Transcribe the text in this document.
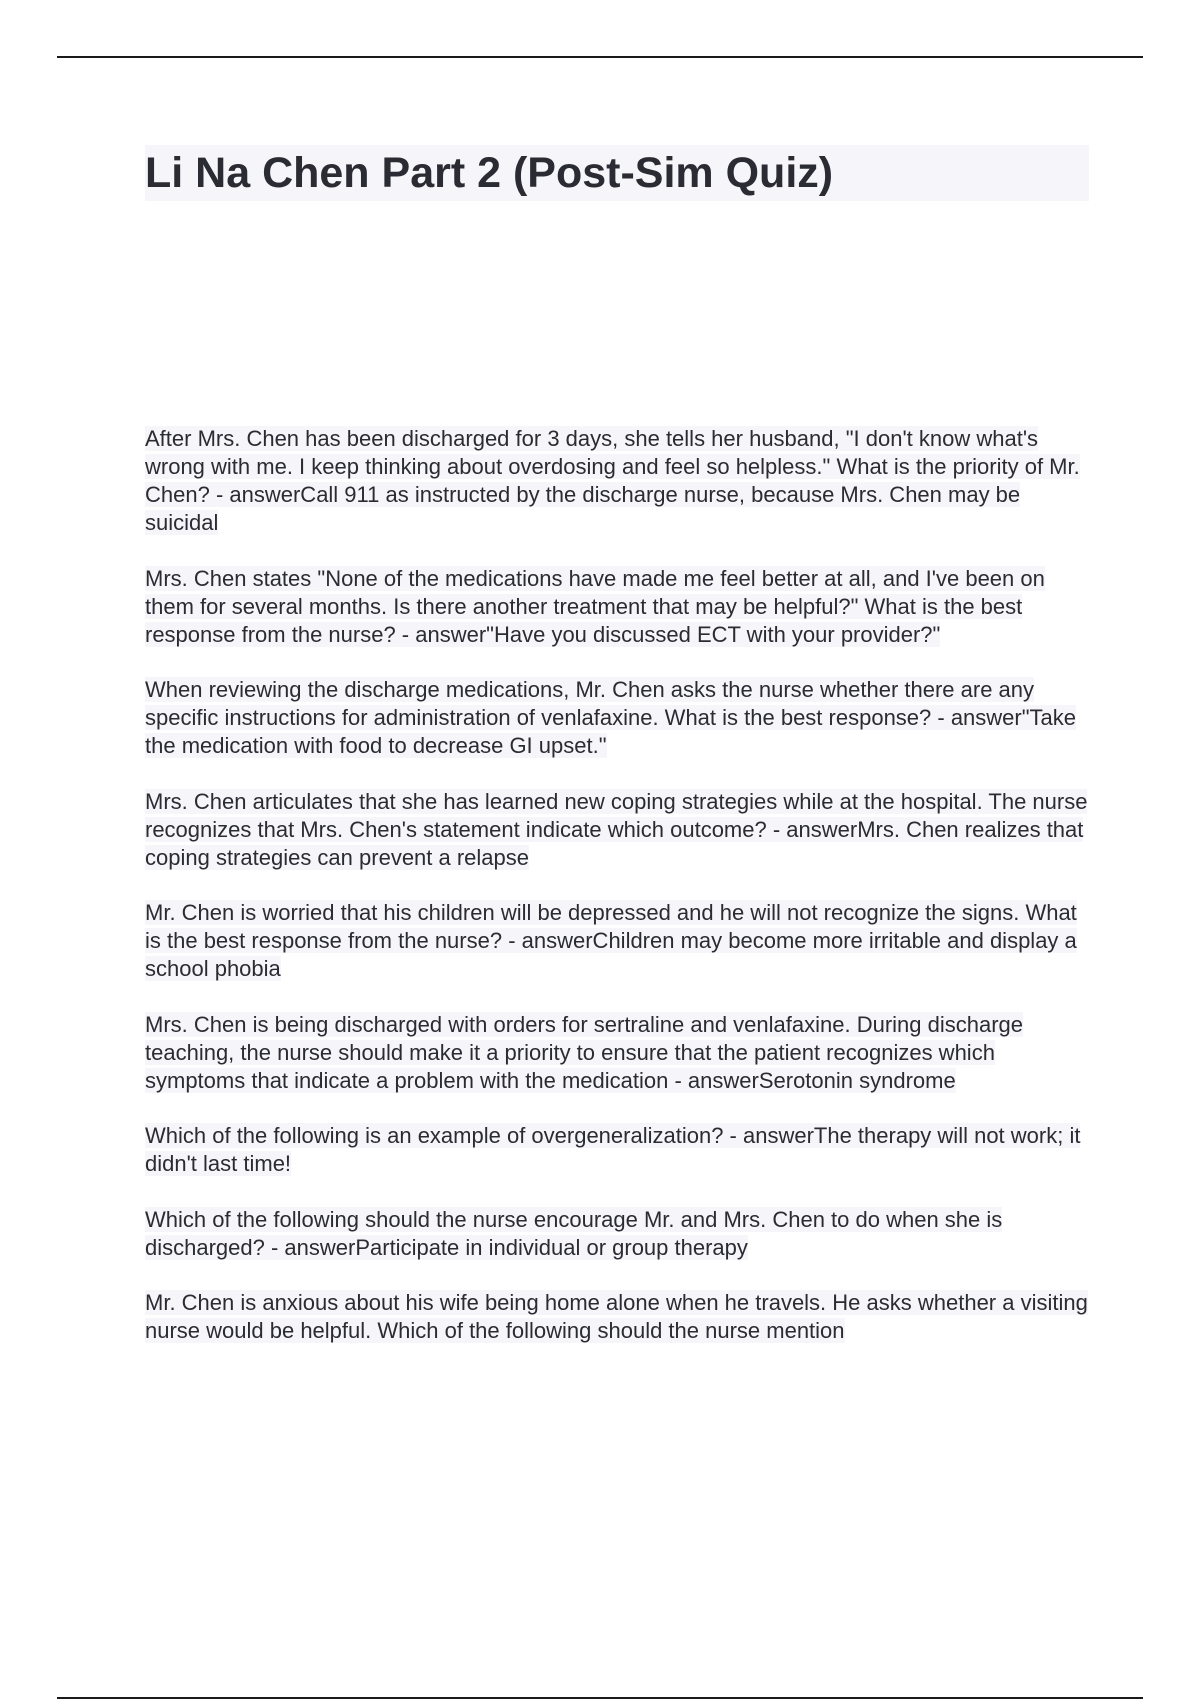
Li Na Chen Part 2 (Post-Sim Quiz)
After Mrs. Chen has been discharged for 3 days, she tells her husband, "I don't know what's wrong with me. I keep thinking about overdosing and feel so helpless." What is the priority of Mr. Chen? - answerCall 911 as instructed by the discharge nurse, because Mrs. Chen may be suicidal
Mrs. Chen states "None of the medications have made me feel better at all, and I've been on them for several months. Is there another treatment that may be helpful?" What is the best response from the nurse? - answer"Have you discussed ECT with your provider?"
When reviewing the discharge medications, Mr. Chen asks the nurse whether there are any specific instructions for administration of venlafaxine. What is the best response? - answer"Take the medication with food to decrease GI upset."
Mrs. Chen articulates that she has learned new coping strategies while at the hospital. The nurse recognizes that Mrs. Chen's statement indicate which outcome? - answerMrs. Chen realizes that coping strategies can prevent a relapse
Mr. Chen is worried that his children will be depressed and he will not recognize the signs. What is the best response from the nurse? - answerChildren may become more irritable and display a school phobia
Mrs. Chen is being discharged with orders for sertraline and venlafaxine. During discharge teaching, the nurse should make it a priority to ensure that the patient recognizes which symptoms that indicate a problem with the medication - answerSerotonin syndrome
Which of the following is an example of overgeneralization? - answerThe therapy will not work; it didn't last time!
Which of the following should the nurse encourage Mr. and Mrs. Chen to do when she is discharged? - answerParticipate in individual or group therapy
Mr. Chen is anxious about his wife being home alone when he travels. He asks whether a visiting nurse would be helpful. Which of the following should the nurse mention
